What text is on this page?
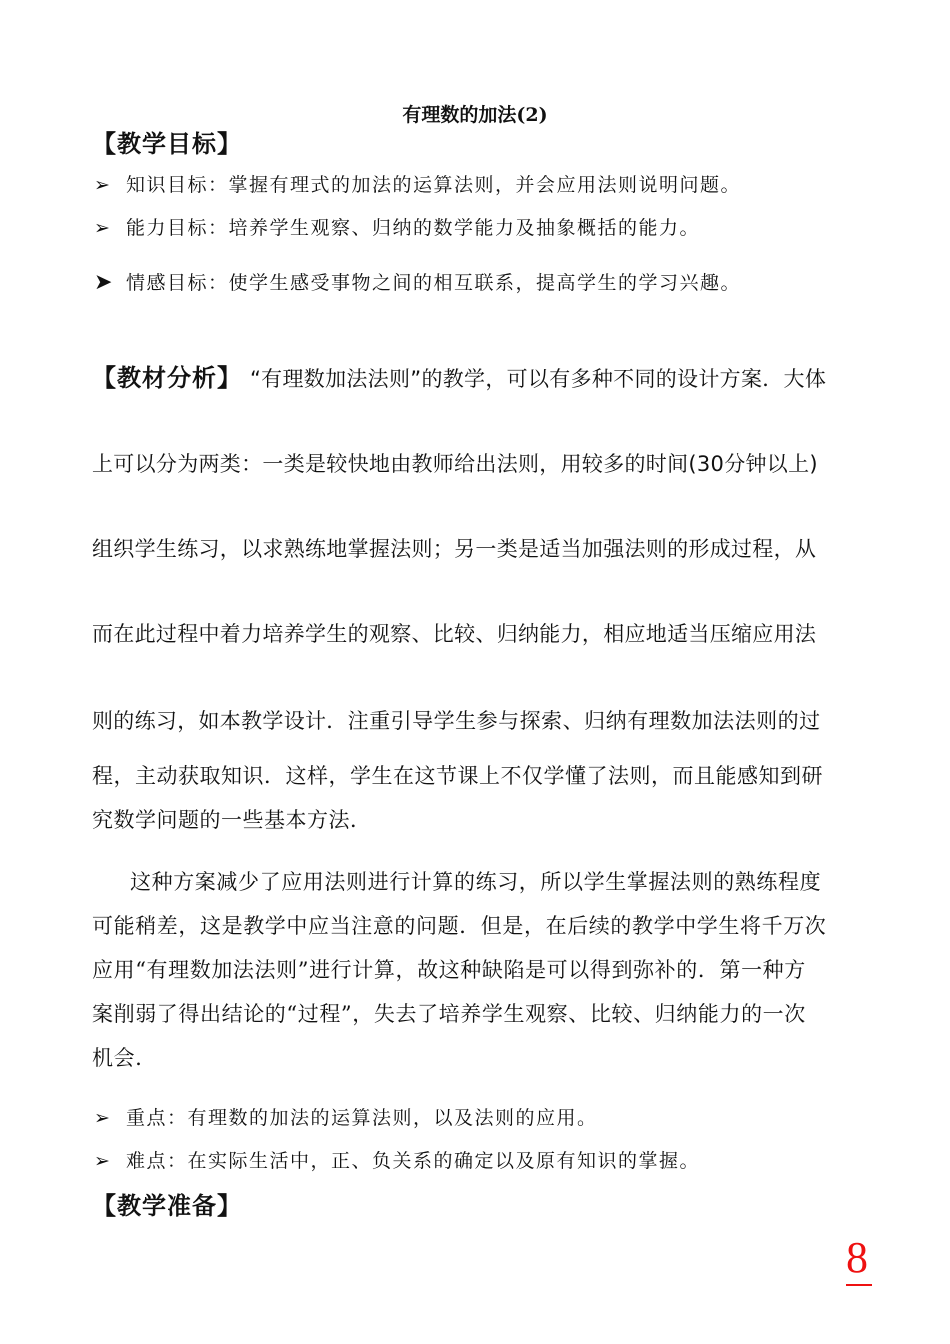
有理数的加法(2)
【教学目标】
➢ 知识目标：掌握有理式的加法的运算法则，并会应用法则说明问题。
➢ 能力目标：培养学生观察、归纳的数学能力及抽象概括的能力。
➤ 情感目标：使学生感受事物之间的相互联系，提高学生的学习兴趣。
【教材分析】 “有理数加法法则”的教学，可以有多种不同的设计方案．大体
上可以分为两类：一类是较快地由教师给出法则，用较多的时间(30分钟以上)
组织学生练习，以求熟练地掌握法则；另一类是适当加强法则的形成过程，从
而在此过程中着力培养学生的观察、比较、归纳能力，相应地适当压缩应用法
则的练习，如本教学设计．注重引导学生参与探索、归纳有理数加法法则的过
程，主动获取知识．这样，学生在这节课上不仅学懂了法则，而且能感知到研
究数学问题的一些基本方法．
这种方案减少了应用法则进行计算的练习，所以学生掌握法则的熟练程度
可能稍差，这是教学中应当注意的问题．但是，在后续的教学中学生将千万次
应用“有理数加法法则”进行计算，故这种缺陷是可以得到弥补的．第一种方
案削弱了得出结论的“过程”，失去了培养学生观察、比较、归纳能力的一次
机会．
➢ 重点：有理数的加法的运算法则，以及法则的应用。
➢ 难点：在实际生活中，正、负关系的确定以及原有知识的掌握。
【教学准备】
8
